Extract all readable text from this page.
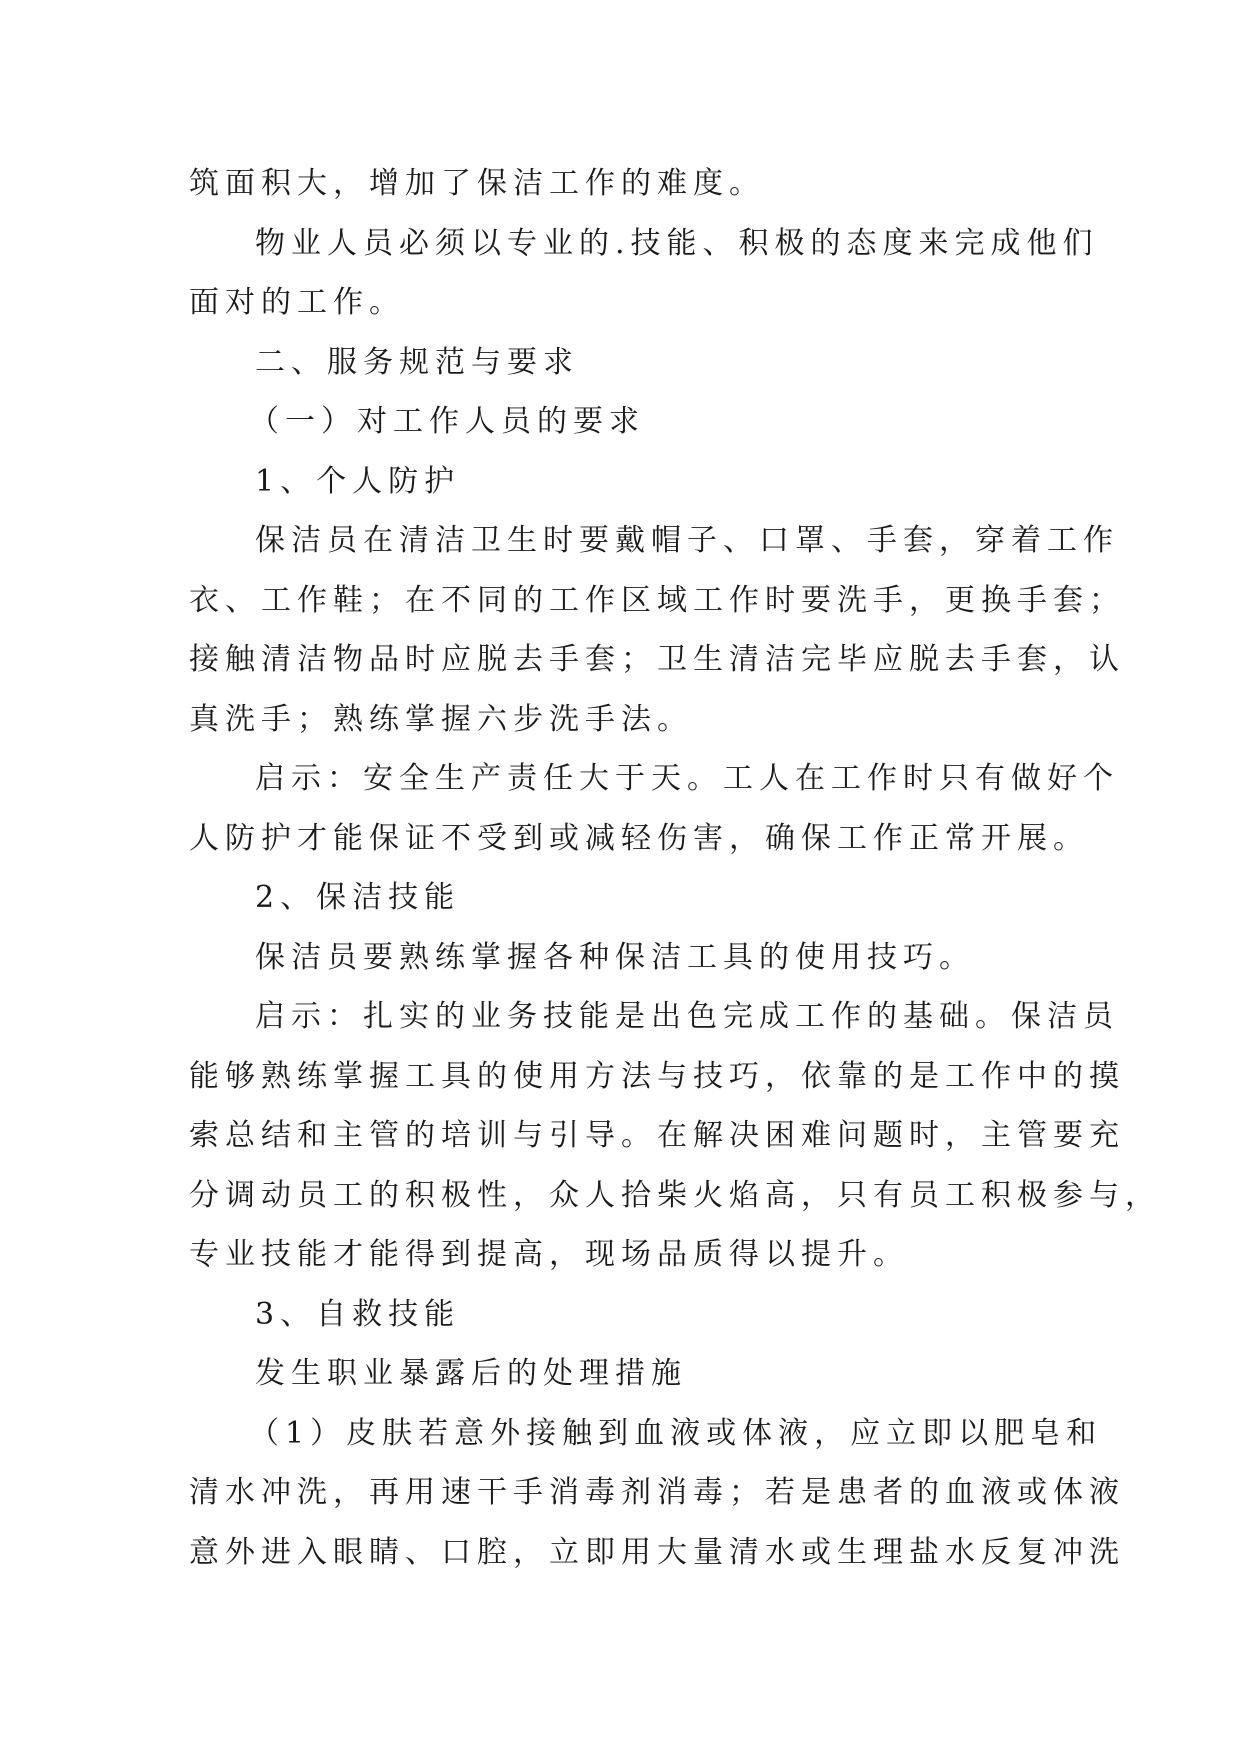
筑面积大，增加了保洁工作的难度。
物业人员必须以专业的.技能、积极的态度来完成他们
面对的工作。
二、服务规范与要求
（一）对工作人员的要求
1、个人防护
保洁员在清洁卫生时要戴帽子、口罩、手套，穿着工作
衣、工作鞋；在不同的工作区域工作时要洗手，更换手套；
接触清洁物品时应脱去手套；卫生清洁完毕应脱去手套，认
真洗手；熟练掌握六步洗手法。
启示：安全生产责任大于天。工人在工作时只有做好个
人防护才能保证不受到或减轻伤害，确保工作正常开展。
2、保洁技能
保洁员要熟练掌握各种保洁工具的使用技巧。
启示：扎实的业务技能是出色完成工作的基础。保洁员
能够熟练掌握工具的使用方法与技巧，依靠的是工作中的摸
索总结和主管的培训与引导。在解决困难问题时，主管要充
分调动员工的积极性，众人拾柴火焰高，只有员工积极参与，
专业技能才能得到提高，现场品质得以提升。
3、自救技能
发生职业暴露后的处理措施
（1）皮肤若意外接触到血液或体液，应立即以肥皂和
清水冲洗，再用速干手消毒剂消毒；若是患者的血液或体液
意外进入眼睛、口腔，立即用大量清水或生理盐水反复冲洗
